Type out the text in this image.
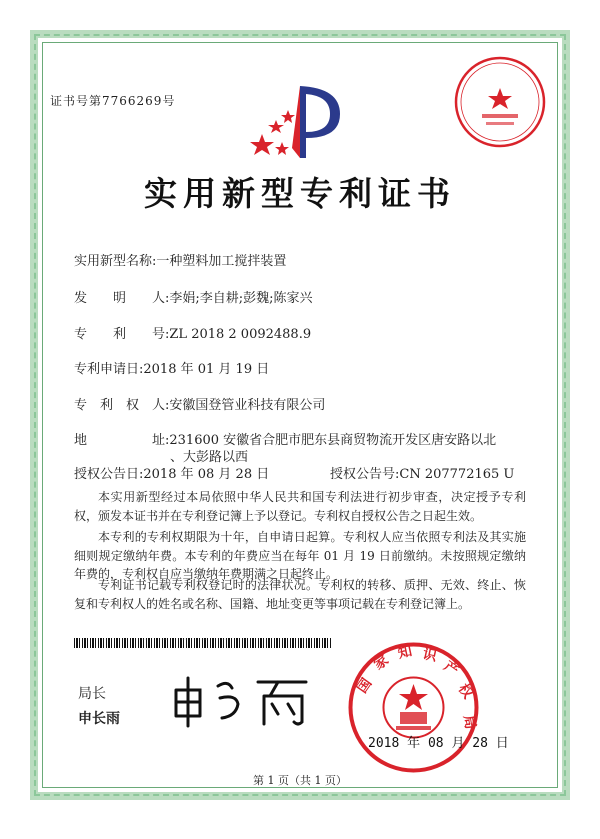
证书号第7766269号
实用新型专利证书
实用新型名称:一种塑料加工搅拌装置
发　　明　　人:李娟;李自耕;彭魏;陈家兴
专　　利　　号:ZL 2018 2 0092488.9
专利申请日:2018 年 01 月 19 日
专　利　权　人:安徽国登管业科技有限公司
地　　　　　址:231600 安徽省合肥市肥东县商贸物流开发区唐安路以北
、大彭路以西
授权公告日:2018 年 08 月 28 日	授权公告号:CN 207772165 U
本实用新型经过本局依照中华人民共和国专利法进行初步审查，决定授予专利权，颁发本证书并在专利登记簿上予以登记。专利权自授权公告之日起生效。
本专利的专利权期限为十年，自申请日起算。专利权人应当依照专利法及其实施细则规定缴纳年费。本专利的年费应当在每年 01 月 19 日前缴纳。未按照规定缴纳年费的，专利权自应当缴纳年费期满之日起终止。
专利证书记载专利权登记时的法律状况。专利权的转移、质押、无效、终止、恢复和专利权人的姓名或名称、国籍、地址变更等事项记载在专利登记簿上。
局长
申长雨
国
家 知 识
产
权
局
2018 年 08 月 28 日
第 1 页（共 1 页）
